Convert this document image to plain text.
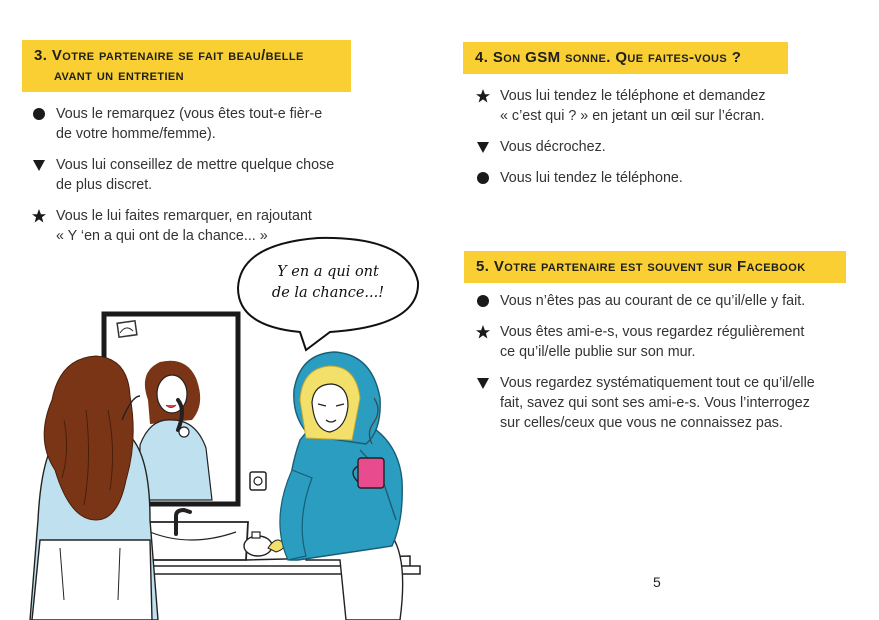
3. Votre partenaire se fait beau/belle
avant un entretien
Vous le remarquez (vous êtes tout-e fièr-e
de votre homme/femme).
Vous lui conseillez de mettre quelque chose
de plus discret.
Vous le lui faites remarquer, en rajoutant
« Y ‘en a qui ont de la chance... »
4. Son GSM sonne. Que faites-vous ?
Vous lui tendez le téléphone et demandez
« c’est qui ? » en jetant un œil sur l’écran.
Vous décrochez.
Vous lui tendez le téléphone.
5. Votre partenaire est souvent sur Facebook
Vous n’êtes pas au courant de ce qu’il/elle y fait.
Vous êtes ami-e-s, vous regardez régulièrement
ce qu’il/elle publie sur son mur.
Vous regardez systématiquement tout ce qu’il/elle
fait, savez qui sont ses ami-e-s. Vous l’interrogez
sur celles/ceux que vous ne connaissez pas.
Y en a qui ont
de la chance...!
5
